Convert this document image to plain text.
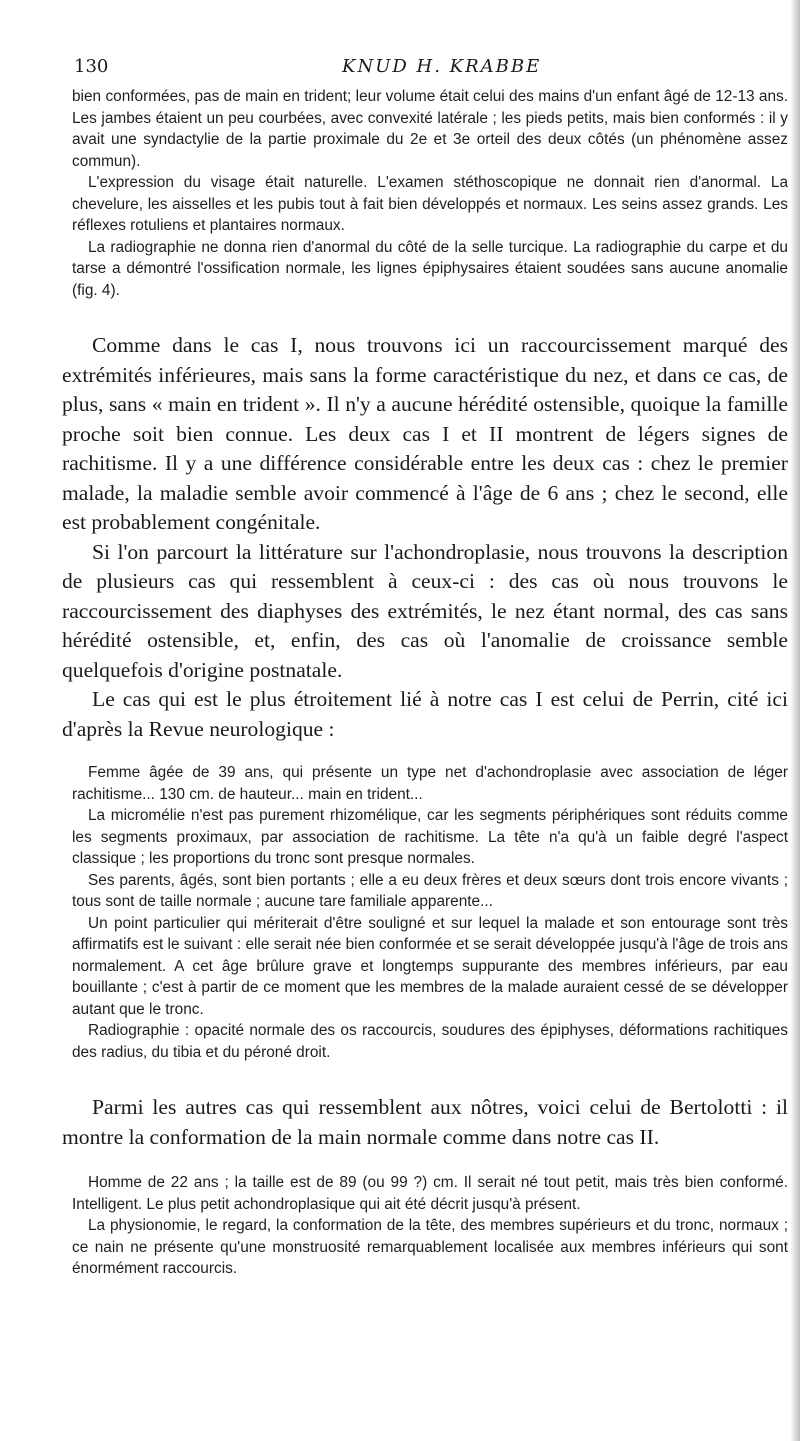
130	KNUD H. KRABBE

bien conformées, pas de main en trident; leur volume était celui des mains d'un enfant âgé de 12-13 ans. Les jambes étaient un peu courbées, avec convexité latérale ; les pieds petits, mais bien conformés : il y avait une syndactylie de la partie proximale du 2e et 3e orteil des deux côtés (un phénomène assez commun).

L'expression du visage était naturelle. L'examen stéthoscopique ne donnait rien d'anormal. La chevelure, les aisselles et les pubis tout à fait bien développés et normaux. Les seins assez grands. Les réflexes rotuliens et plantaires normaux.

La radiographie ne donna rien d'anormal du côté de la selle turcique. La radiographie du carpe et du tarse a démontré l'ossification normale, les lignes épiphysaires étaient soudées sans aucune anomalie (fig. 4).

Comme dans le cas I, nous trouvons ici un raccourcissement marqué des extrémités inférieures, mais sans la forme caractéristique du nez, et dans ce cas, de plus, sans « main en trident ». Il n'y a aucune hérédité ostensible, quoique la famille proche soit bien connue. Les deux cas I et II montrent de légers signes de rachitisme. Il y a une différence considérable entre les deux cas : chez le premier malade, la maladie semble avoir commencé à l'âge de 6 ans ; chez le second, elle est probablement congénitale.

Si l'on parcourt la littérature sur l'achondroplasie, nous trouvons la description de plusieurs cas qui ressemblent à ceux-ci : des cas où nous trouvons le raccourcissement des diaphyses des extrémités, le nez étant normal, des cas sans hérédité ostensible, et, enfin, des cas où l'anomalie de croissance semble quelquefois d'origine postnatale.

Le cas qui est le plus étroitement lié à notre cas I est celui de Perrin, cité ici d'après la Revue neurologique :

Femme âgée de 39 ans, qui présente un type net d'achondroplasie avec association de léger rachitisme... 130 cm. de hauteur... main en trident...

La micromélie n'est pas purement rhizomélique, car les segments périphériques sont réduits comme les segments proximaux, par association de rachitisme. La tête n'a qu'à un faible degré l'aspect classique ; les proportions du tronc sont presque normales.

Ses parents, âgés, sont bien portants ; elle a eu deux frères et deux sœurs dont trois encore vivants ; tous sont de taille normale ; aucune tare familiale apparente...

Un point particulier qui mériterait d'être souligné et sur lequel la malade et son entourage sont très affirmatifs est le suivant : elle serait née bien conformée et se serait développée jusqu'à l'âge de trois ans normalement. A cet âge brûlure grave et longtemps suppurante des membres inférieurs, par eau bouillante ; c'est à partir de ce moment que les membres de la malade auraient cessé de se développer autant que le tronc.

Radiographie : opacité normale des os raccourcis, soudures des épiphyses, déformations rachitiques des radius, du tibia et du péroné droit.

Parmi les autres cas qui ressemblent aux nôtres, voici celui de Bertolotti : il montre la conformation de la main normale comme dans notre cas II.

Homme de 22 ans ; la taille est de 89 (ou 99 ?) cm. Il serait né tout petit, mais très bien conformé. Intelligent. Le plus petit achondroplasique qui ait été décrit jusqu'à présent.

La physionomie, le regard, la conformation de la tête, des membres supérieurs et du tronc, normaux ; ce nain ne présente qu'une monstruosité remarquablement localisée aux membres inférieurs qui sont énormément raccourcis.
